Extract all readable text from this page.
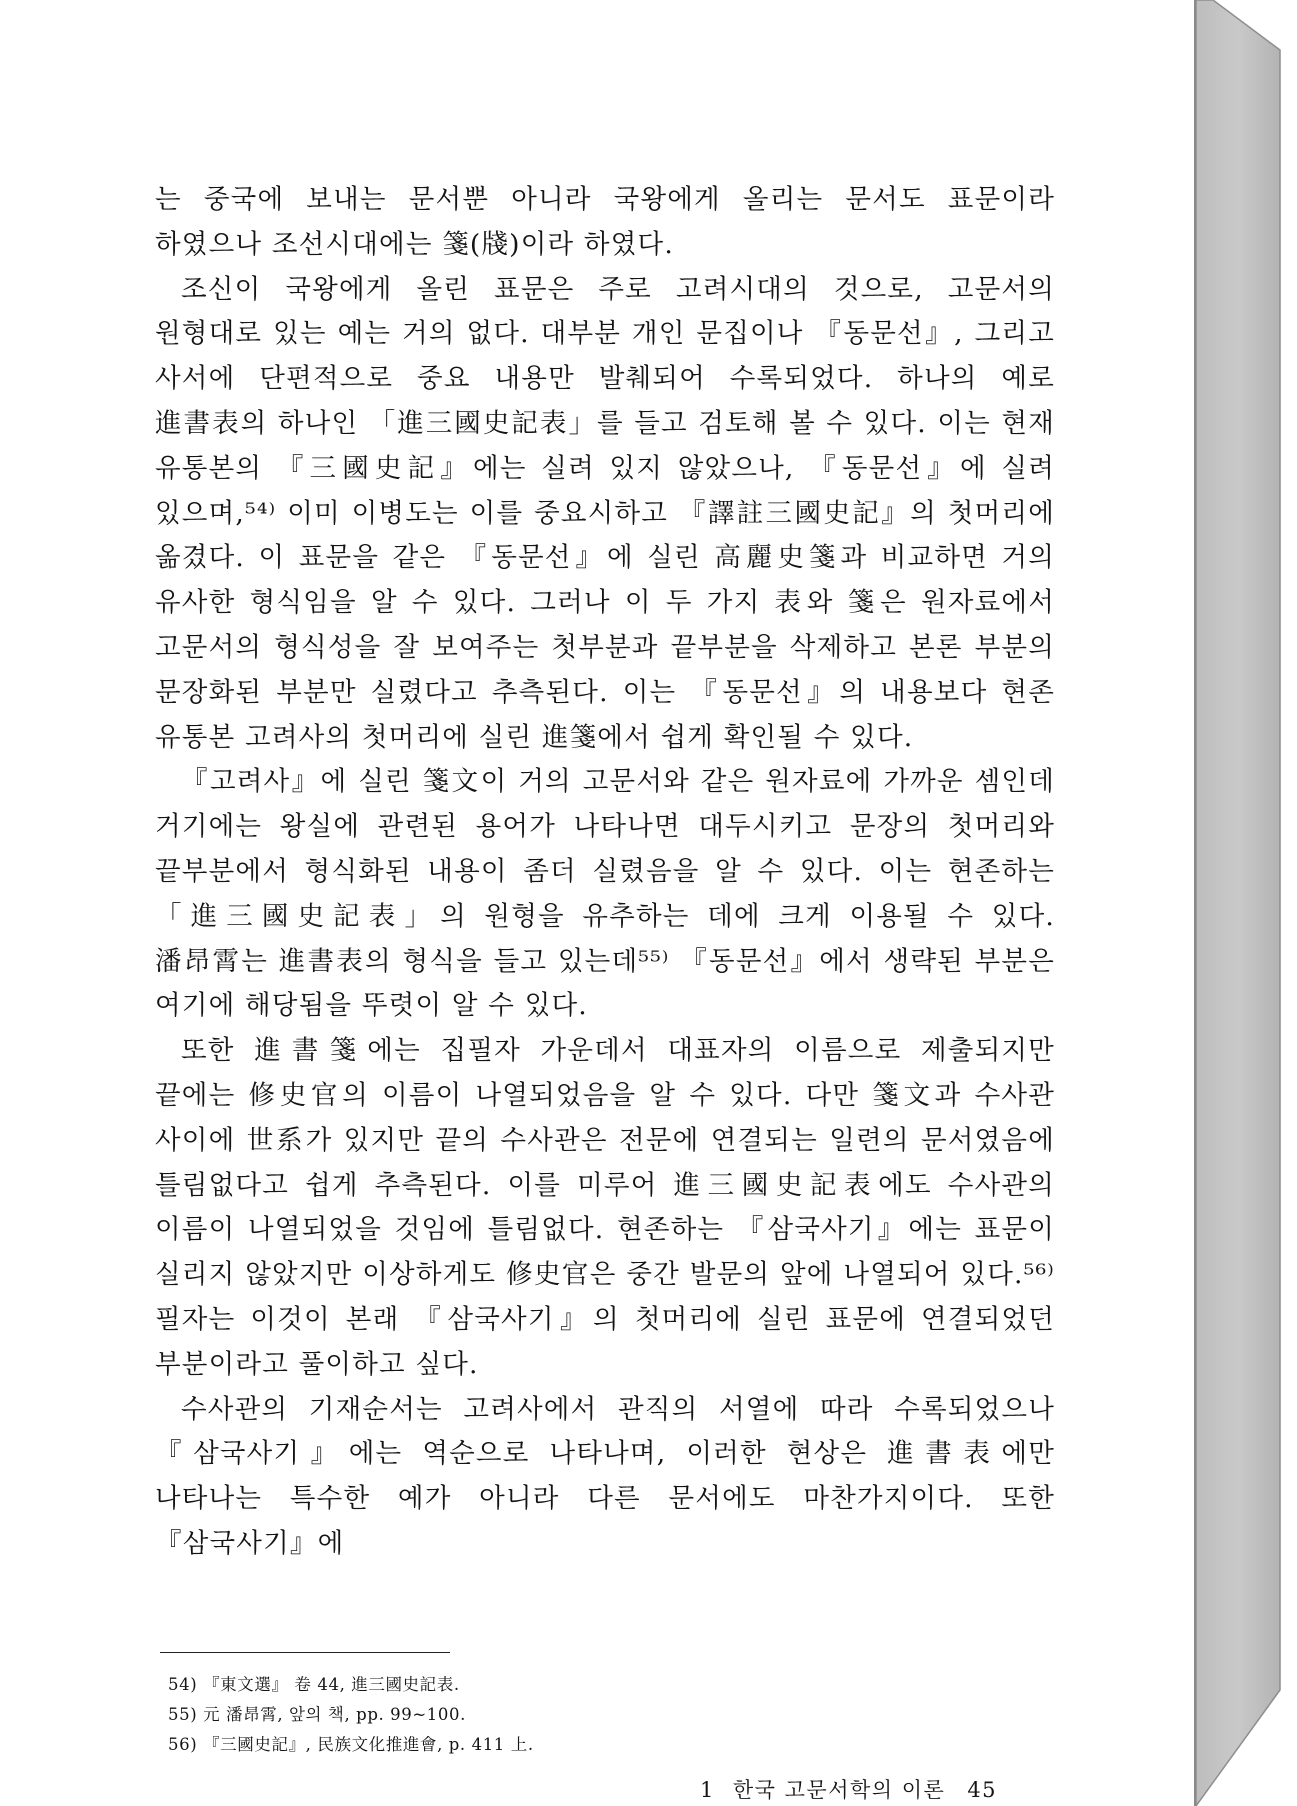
는 중국에 보내는 문서뿐 아니라 국왕에게 올리는 문서도 표문이라 하였으나 조선시대에는 箋(牋)이라 하였다.

조신이 국왕에게 올린 표문은 주로 고려시대의 것으로, 고문서의 원형대로 있는 예는 거의 없다. 대부분 개인 문집이나 『동문선』, 그리고 사서에 단편적으로 중요 내용만 발췌되어 수록되었다. 하나의 예로 進書表의 하나인 「進三國史記表」를 들고 검토해 볼 수 있다. 이는 현재 유통본의 『三國史記』에는 실려 있지 않았으나, 『동문선』에 실려 있으며,⁵⁴⁾ 이미 이병도는 이를 중요시하고 『譯註三國史記』의 첫머리에 옮겼다. 이 표문을 같은 『동문선』에 실린 高麗史箋과 비교하면 거의 유사한 형식임을 알 수 있다. 그러나 이 두 가지 表와 箋은 원자료에서 고문서의 형식성을 잘 보여주는 첫부분과 끝부분을 삭제하고 본론 부분의 문장화된 부분만 실렸다고 추측된다. 이는 『동문선』의 내용보다 현존 유통본 고려사의 첫머리에 실린 進箋에서 쉽게 확인될 수 있다.

『고려사』에 실린 箋文이 거의 고문서와 같은 원자료에 가까운 셈인데 거기에는 왕실에 관련된 용어가 나타나면 대두시키고 문장의 첫머리와 끝부분에서 형식화된 내용이 좀더 실렸음을 알 수 있다. 이는 현존하는 「進三國史記表」의 원형을 유추하는 데에 크게 이용될 수 있다. 潘昂霄는 進書表의 형식을 들고 있는데⁵⁵⁾ 『동문선』에서 생략된 부분은 여기에 해당됨을 뚜렷이 알 수 있다.

또한 進書箋에는 집필자 가운데서 대표자의 이름으로 제출되지만 끝에는 修史官의 이름이 나열되었음을 알 수 있다. 다만 箋文과 수사관 사이에 世系가 있지만 끝의 수사관은 전문에 연결되는 일련의 문서였음에 틀림없다고 쉽게 추측된다. 이를 미루어 進三國史記表에도 수사관의 이름이 나열되었을 것임에 틀림없다. 현존하는 『삼국사기』에는 표문이 실리지 않았지만 이상하게도 修史官은 중간 발문의 앞에 나열되어 있다.⁵⁶⁾ 필자는 이것이 본래 『삼국사기』의 첫머리에 실린 표문에 연결되었던 부분이라고 풀이하고 싶다.

수사관의 기재순서는 고려사에서 관직의 서열에 따라 수록되었으나 『삼국사기』에는 역순으로 나타나며, 이러한 현상은 進書表에만 나타나는 특수한 예가 아니라 다른 문서에도 마찬가지이다. 또한 『삼국사기』에

54) 『東文選』 卷 44, 進三國史記表.

55) 元 潘昂霄, 앞의 책, pp. 99~100.

56) 『三國史記』, 民族文化推進會, p. 411 上.

1 한국 고문서학의 이론 45
